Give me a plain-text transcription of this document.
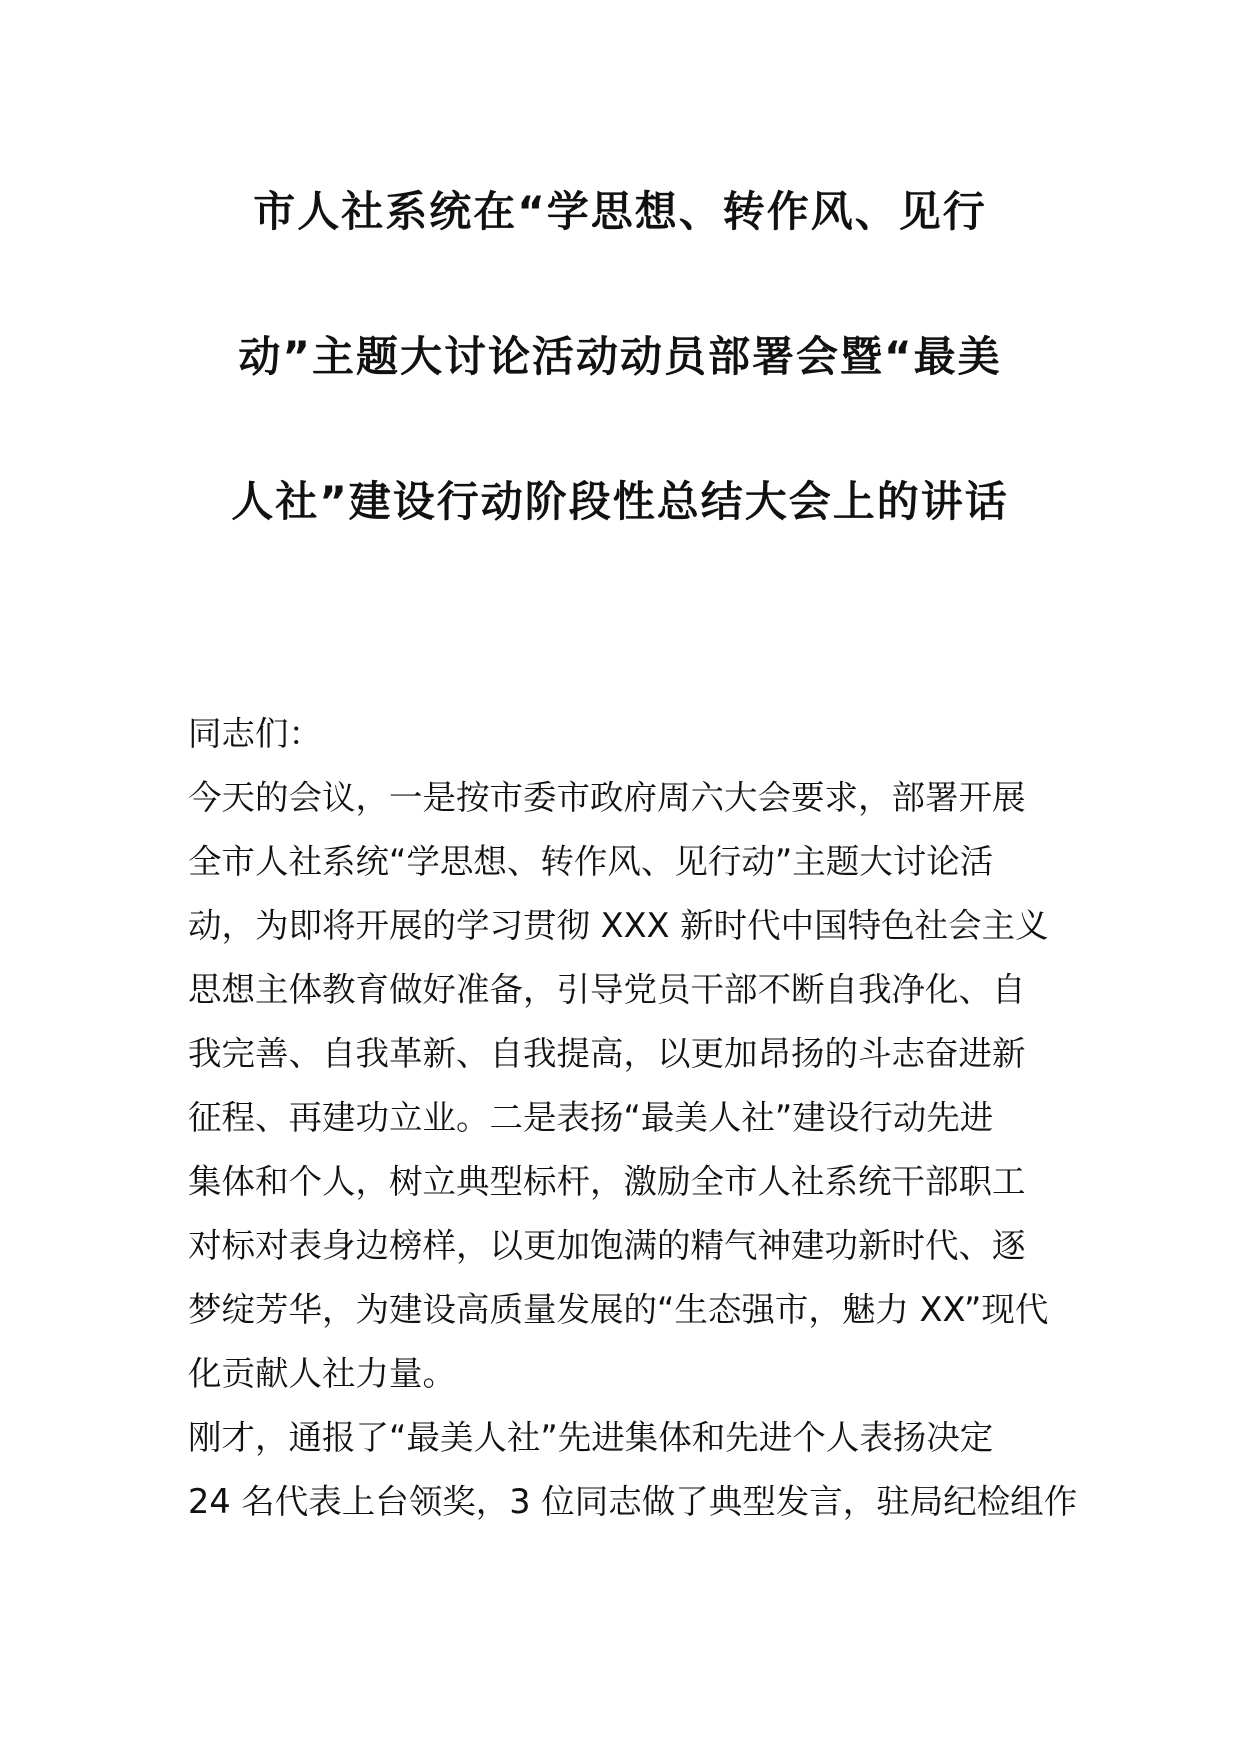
市人社系统在“学思想、转作风、见行
动”主题大讨论活动动员部署会暨“最美
人社”建设行动阶段性总结大会上的讲话
同志们：
今天的会议，一是按市委市政府周六大会要求，部署开展
全市人社系统“学思想、转作风、见行动”主题大讨论活
动，为即将开展的学习贯彻 XXX 新时代中国特色社会主义
思想主体教育做好准备，引导党员干部不断自我净化、自
我完善、自我革新、自我提高，以更加昂扬的斗志奋进新
征程、再建功立业。二是表扬“最美人社”建设行动先进
集体和个人，树立典型标杆，激励全市人社系统干部职工
对标对表身边榜样，以更加饱满的精气神建功新时代、逐
梦绽芳华，为建设高质量发展的“生态强市，魅力 XX”现代
化贡献人社力量。
刚才，通报了“最美人社”先进集体和先进个人表扬决定
24 名代表上台领奖，3 位同志做了典型发言，驻局纪检组作
